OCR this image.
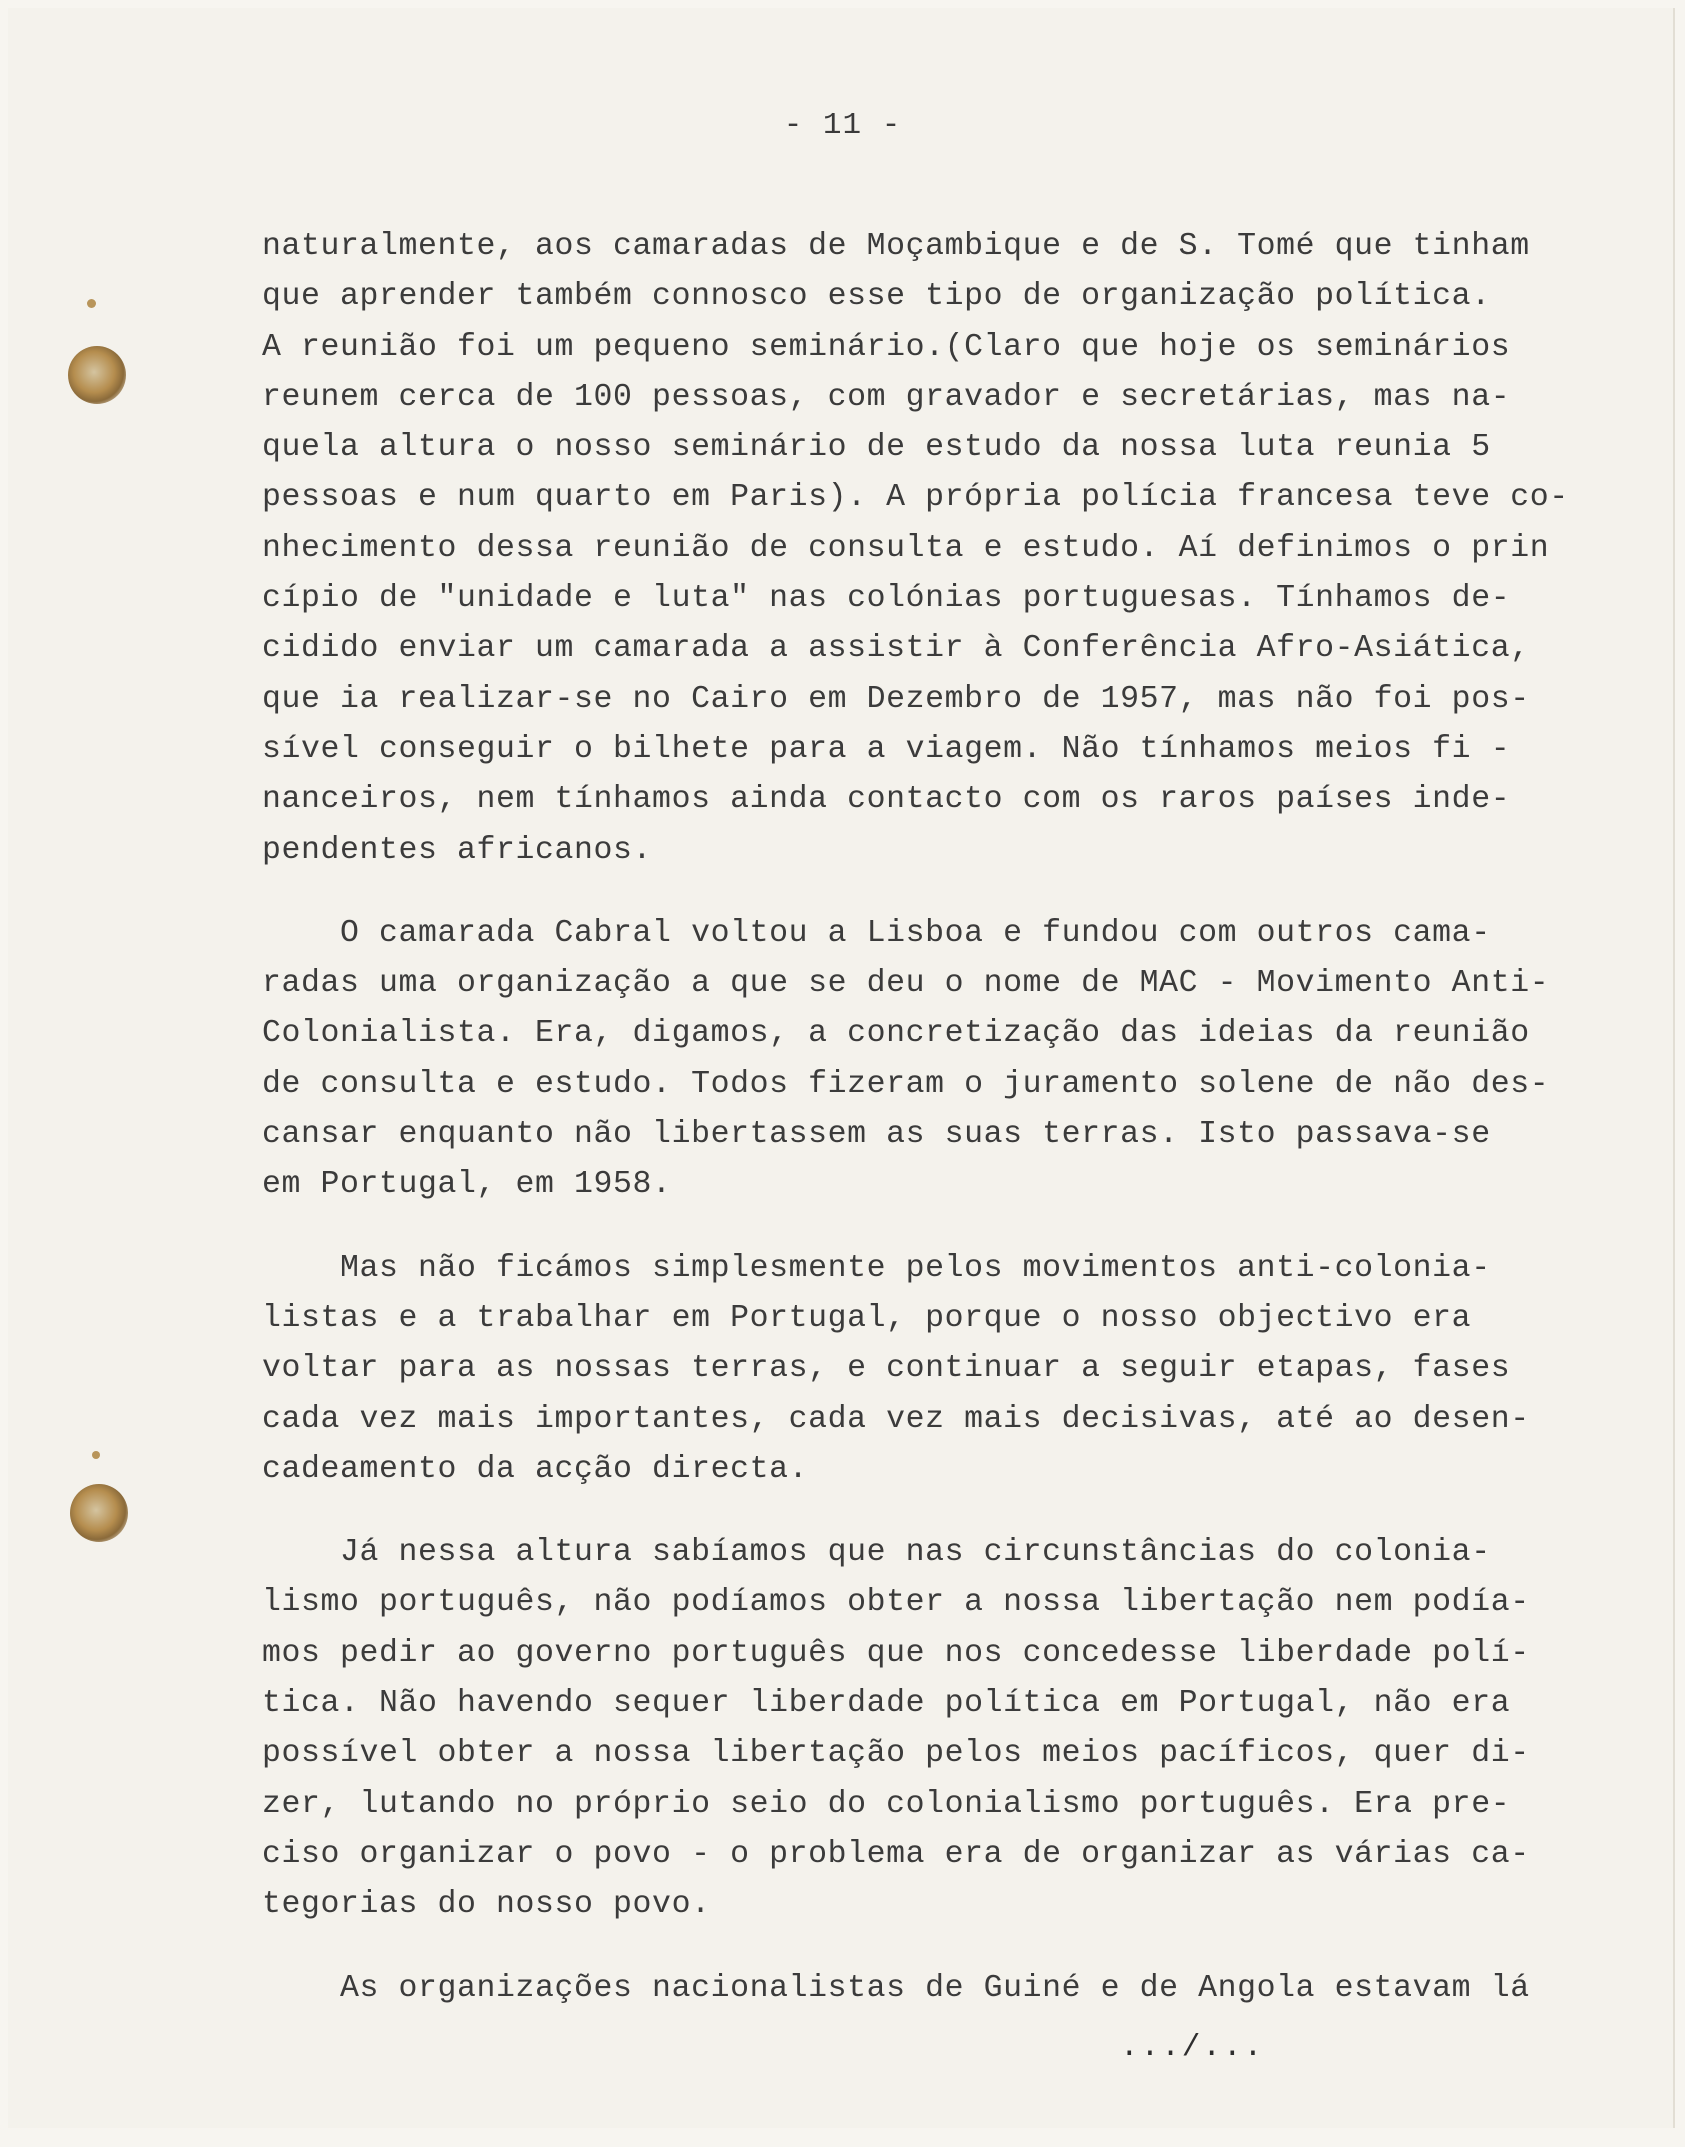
- 11 -
naturalmente, aos camaradas de Moçambique e de S. Tomé que tinham
que aprender também connosco esse tipo de organização política.
A reunião foi um pequeno seminário.(Claro que hoje os seminários
reunem cerca de 100 pessoas, com gravador e secretárias, mas na-
quela altura o nosso seminário de estudo da nossa luta reunia 5
pessoas e num quarto em Paris). A própria polícia francesa teve co-
nhecimento dessa reunião de consulta e estudo. Aí definimos o prin
cípio de "unidade e luta" nas colónias portuguesas. Tínhamos de-
cidido enviar um camarada a assistir à Conferência Afro-Asiática,
que ia realizar-se no Cairo em Dezembro de 1957, mas não foi pos-
sível conseguir o bilhete para a viagem. Não tínhamos meios fi -
nanceiros, nem tínhamos ainda contacto com os raros países inde-
pendentes africanos.
O camarada Cabral voltou a Lisboa e fundou com outros cama-
radas uma organização a que se deu o nome de MAC - Movimento Anti-
Colonialista. Era, digamos, a concretização das ideias da reunião
de consulta e estudo. Todos fizeram o juramento solene de não des-
cansar enquanto não libertassem as suas terras. Isto passava-se
em Portugal, em 1958.
Mas não ficámos simplesmente pelos movimentos anti-colonia-
listas e a trabalhar em Portugal, porque o nosso objectivo era
voltar para as nossas terras, e continuar a seguir etapas, fases
cada vez mais importantes, cada vez mais decisivas, até ao desen-
cadeamento da acção directa.
Já nessa altura sabíamos que nas circunstâncias do colonia-
lismo português, não podíamos obter a nossa libertação nem podía-
mos pedir ao governo português que nos concedesse liberdade polí-
tica. Não havendo sequer liberdade política em Portugal, não era
possível obter a nossa libertação pelos meios pacíficos, quer di-
zer, lutando no próprio seio do colonialismo português. Era pre-
ciso organizar o povo - o problema era de organizar as várias ca-
tegorias do nosso povo.
As organizações nacionalistas de Guiné e de Angola estavam lá
.../...
